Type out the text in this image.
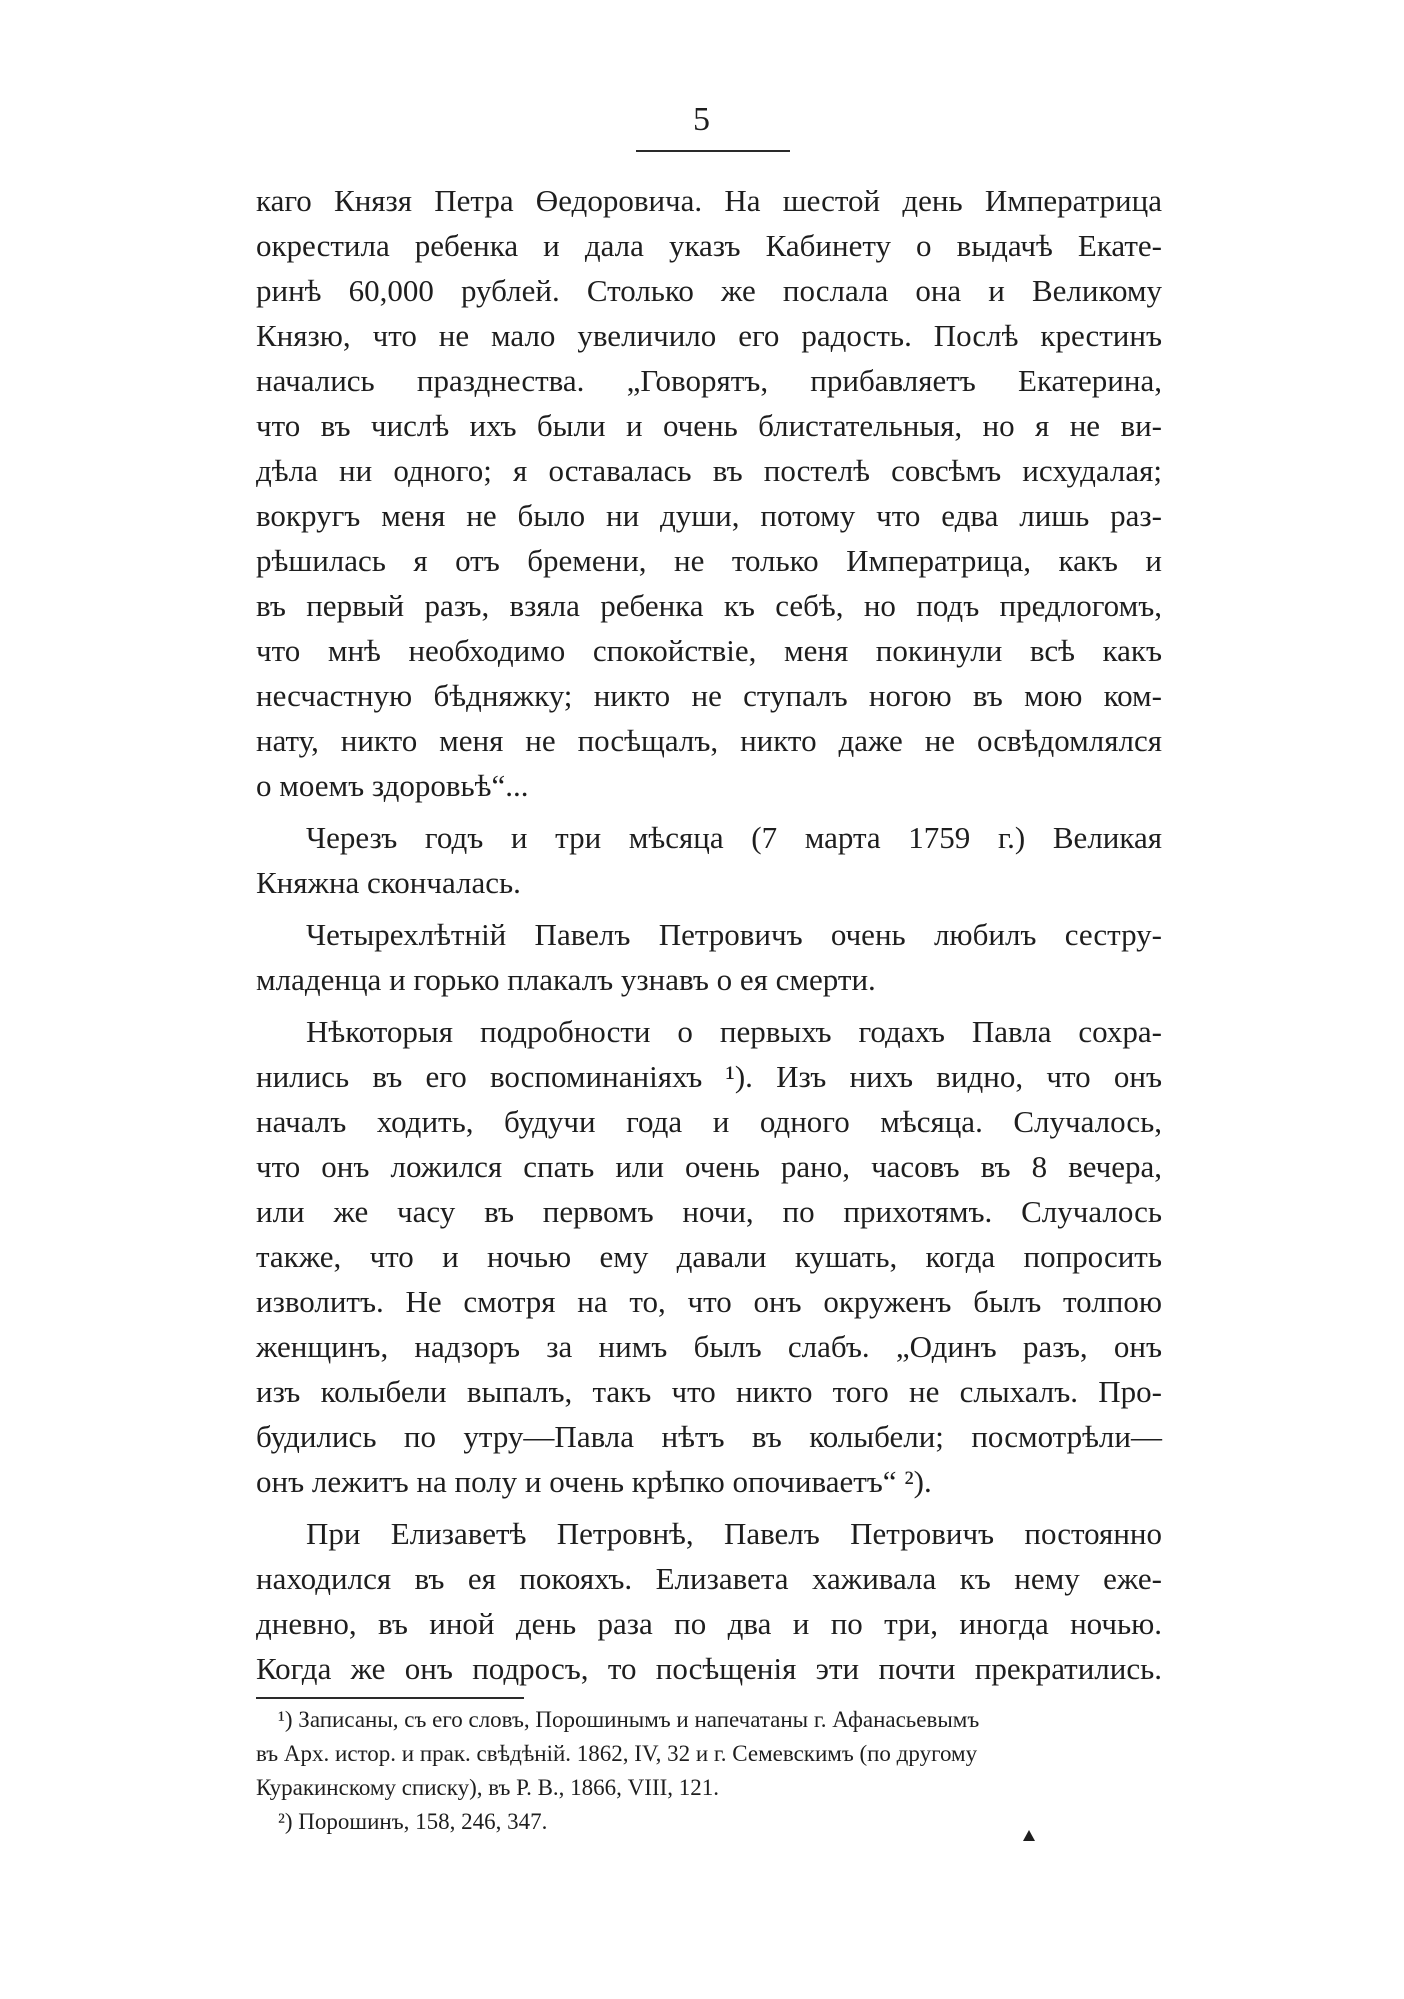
5
каго Князя Петра Өедоровича. На шестой день Императрица
окрестила ребенка и дала указъ Кабинету о выдачѣ Екате-
ринѣ 60,000 рублей. Столько же послала она и Великому
Князю, что не мало увеличило его радость. Послѣ крестинъ
начались празднества. „Говорятъ, прибавляетъ Екатерина,
что въ числѣ ихъ были и очень блистательныя, но я не ви-
дѣла ни одного; я оставалась въ постелѣ совсѣмъ исхудалая;
вокругъ меня не было ни души, потому что едва лишь раз-
рѣшилась я отъ бремени, не только Императрица, какъ и
въ первый разъ, взяла ребенка къ себѣ, но подъ предлогомъ,
что мнѣ необходимо спокойствіе, меня покинули всѣ какъ
несчастную бѣдняжку; никто не ступалъ ногою въ мою ком-
нату, никто меня не посѣщалъ, никто даже не освѣдомлялся
о моемъ здоровьѣ“...
Черезъ годъ и три мѣсяца (7 марта 1759 г.) Великая
Княжна скончалась.
Четырехлѣтній Павелъ Петровичъ очень любилъ сестру-
младенца и горько плакалъ узнавъ о ея смерти.
Нѣкоторыя подробности о первыхъ годахъ Павла сохра-
нились въ его воспоминаніяхъ ¹). Изъ нихъ видно, что онъ
началъ ходить, будучи года и одного мѣсяца. Случалось,
что онъ ложился спать или очень рано, часовъ въ 8 вечера,
или же часу въ первомъ ночи, по прихотямъ. Случалось
также, что и ночью ему давали кушать, когда попросить
изволитъ. Не смотря на то, что онъ окруженъ былъ толпою
женщинъ, надзоръ за нимъ былъ слабъ. „Одинъ разъ, онъ
изъ колыбели выпалъ, такъ что никто того не слыхалъ. Про-
будились по утру—Павла нѣтъ въ колыбели; посмотрѣли—
онъ лежитъ на полу и очень крѣпко опочиваетъ“ ²).
При Елизаветѣ Петровнѣ, Павелъ Петровичъ постоянно
находился въ ея покояхъ. Елизавета хаживала къ нему еже-
дневно, въ иной день раза по два и по три, иногда ночью.
Когда же онъ подросъ, то посѣщенія эти почти прекратились.
¹) Записаны, съ его словъ, Порошинымъ и напечатаны г. Афанасьевымъ
въ Арх. истор. и прак. свѣдѣній. 1862, IV, 32 и г. Семевскимъ (по другому
Куракинскому списку), въ Р. В., 1866, VIII, 121.
²) Порошинъ, 158, 246, 347.
